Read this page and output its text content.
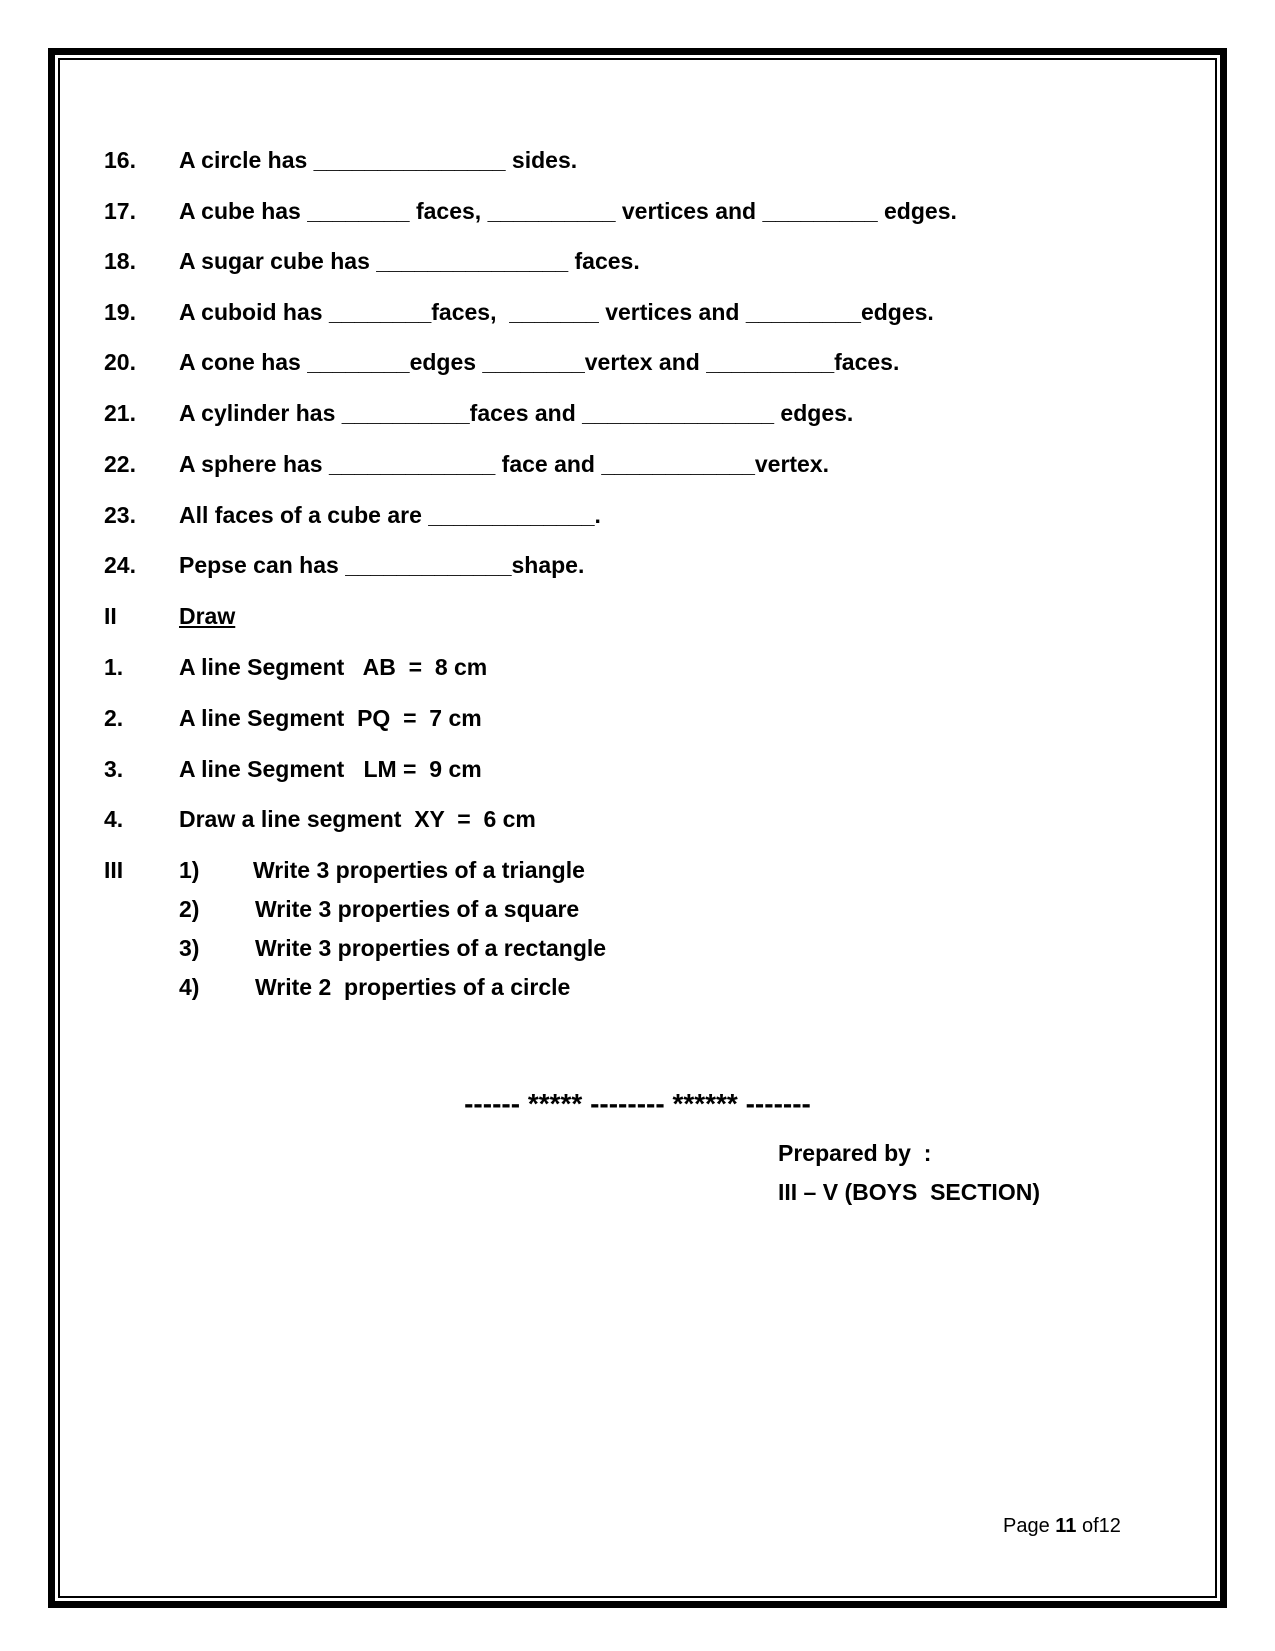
16.

A circle has _______________ sides.

17.

A cube has ________ faces, __________ vertices and _________ edges.

18.

A sugar cube has _______________ faces.

19.

A cuboid has ________faces,  _______ vertices and _________edges.

20.

A cone has ________edges ________vertex and __________faces.

21.

A cylinder has __________faces and _______________ edges.

22.

A sphere has _____________ face and ____________vertex.

23.

All faces of a cube are _____________.

24.

Pepse can has _____________shape.

II

	Draw

1.

A line Segment   AB  =  8 cm

2.

A line Segment  PQ  =  7 cm

3.

A line Segment   LM =  9 cm

4.

Draw a line segment  XY  =  6 cm

III

1)

Write 3 properties of a triangle

2)

Write 3 properties of a square

3)

Write 3 properties of a rectangle

4)

Write 2  properties of a circle

------ ***** -------- ****** -------
Prepared by  :
III – V (BOYS  SECTION)
Page 11 of12
